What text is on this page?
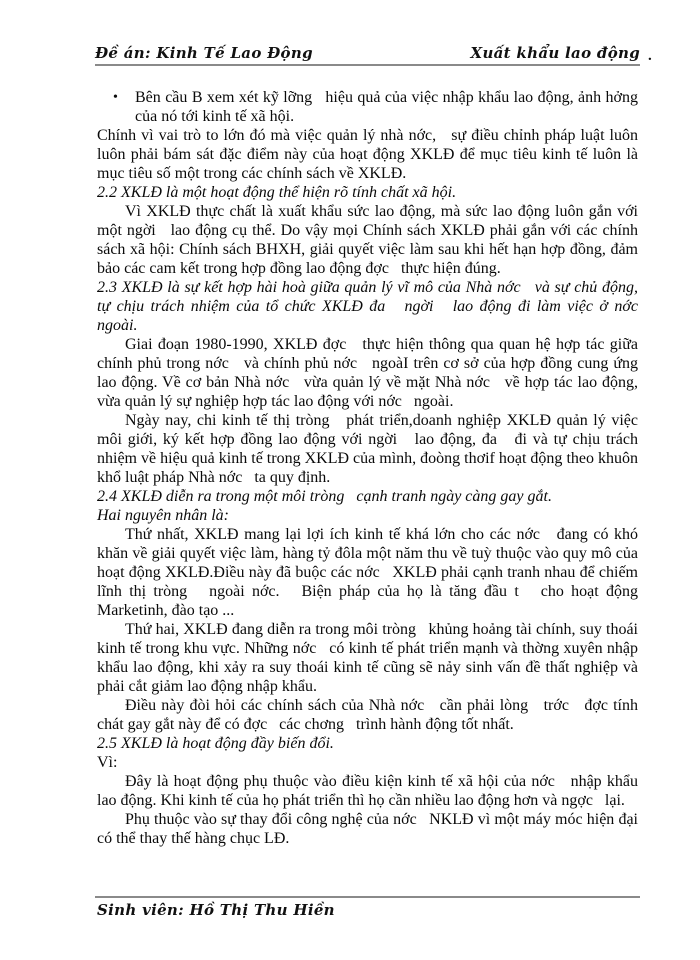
Đề án: Kinh Tế Lao Động	Xuất khẩu lao động .
•	Bên cầu B xem xét kỹ lỡng   hiệu quả của việc nhập khẩu lao động, ảnh hởng   của nó tới kinh tế xã hội.
Chính vì vai trò to lớn đó mà việc quản lý nhà nớc,   sự điều chỉnh pháp luật luôn luôn phải bám sát đặc điểm này của hoạt động XKLĐ để mục tiêu kinh tế luôn là mục tiêu số một trong các chính sách về XKLĐ.
2.2 XKLĐ là một hoạt động thể hiện rõ tính chất xã hội.
Vì XKLĐ thực chất là xuất khẩu sức lao động, mà sức lao động luôn gắn với một ngời   lao động cụ thể. Do vậy mọi Chính sách XKLĐ phải gắn với các chính sách xã hội: Chính sách BHXH, giải quyết việc làm sau khi hết hạn hợp đồng, đảm bảo các cam kết trong hợp đồng lao động đợc   thực hiện đúng.
2.3 XKLĐ là sự kết hợp hài hoà giữa quản lý vĩ mô của Nhà nớc   và sự chủ động, tự chịu trách nhiệm của tổ chức XKLĐ đa   ngời   lao động đi làm việc ở nớc   ngoài.
Giai đoạn 1980-1990, XKLĐ đợc   thực hiện thông qua quan hệ hợp tác giữa chính phủ trong nớc   và chính phủ nớc   ngoàI trên cơ sở của hợp đồng cung ứng lao động. Về cơ bản Nhà nớc   vừa quản lý về mặt Nhà nớc   về hợp tác lao động, vừa quản lý sự nghiệp hợp tác lao động với nớc   ngoài.
Ngày nay, chi kinh tế thị tròng   phát triển,doanh nghiệp XKLĐ quản lý việc môi giới, ký kết hợp đồng lao động với ngời   lao động, đa   đi và tự chịu trách nhiệm về hiệu quả kinh tế trong XKLĐ của mình, đoòng thơif hoạt động theo khuôn khổ luật pháp Nhà nớc   ta quy định.
2.4 XKLĐ diễn ra trong một môi tròng   cạnh tranh ngày càng gay gắt.
Hai nguyên nhân là:
Thứ nhất, XKLĐ mang lại lợi ích kinh tế khá lớn cho các nớc   đang có khó khăn về giải quyết việc làm, hàng tỷ đôla một năm thu về tuỳ thuộc vào quy mô của hoạt động XKLĐ.Điều này đã buộc các nớc   XKLĐ phải cạnh tranh nhau để chiếm lĩnh thị tròng   ngoài nớc.   Biện pháp của họ là tăng đầu t   cho hoạt động Marketinh, đào tạo ...
Thứ hai, XKLĐ đang diễn ra trong môi tròng   khủng hoảng tài chính, suy thoái kinh tế trong khu vực. Những nớc   có kinh tế phát triển mạnh và thờng xuyên nhập khẩu lao động, khi xảy ra suy thoái kinh tế cũng sẽ nảy sinh vấn đề thất nghiệp và phải cắt giảm lao động nhập khẩu.
Điều này đòi hỏi các chính sách của Nhà nớc   cần phải lòng   trớc   đợc tính chát gay gắt này để có đợc   các chơng   trình hành động tốt nhất.
2.5 XKLĐ là hoạt động đầy biến đổi.
Vì:
Đây là hoạt động phụ thuộc vào điều kiện kinh tế xã hội của nớc   nhập khẩu lao động. Khi kinh tế của họ phát triển thì họ cần nhiều lao động hơn và ngợc   lại.
Phụ thuộc vào sự thay đổi công nghệ của nớc   NKLĐ vì một máy móc hiện đại có thể thay thế hàng chục LĐ.
Sinh viên: Hồ Thị Thu Hiền
